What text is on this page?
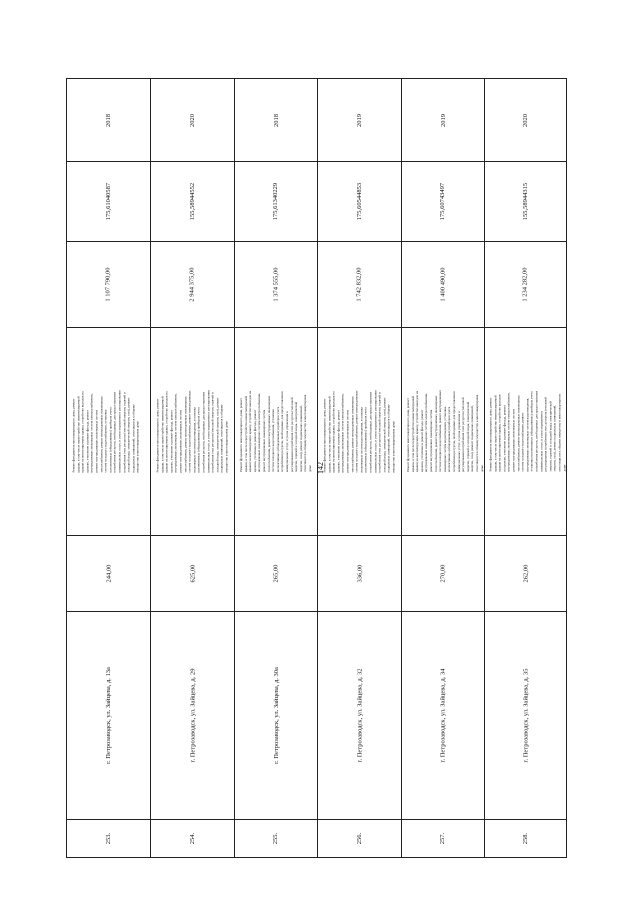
142
2018
175,61040587
1 107 790,00
Ремонт фундамента многоквартирного дома, ремонт крыши, в том числе переустройство невентилируемой крыши на вентилируемую крышу, устройство выходов на кровлю, утепление и ремонт фасада, ремонт внутридомовых инженерных систем электроснабжения, ремонт внутридомовых инженерных систем теплоснабжения, ремонт внутридомовых инженерных систем холодного водоснабжения, установка коллективных (общедомовых) приборов учета потребления ресурсов, необходимых для предоставления коммунальных услуг, и узлов управления и регулирования потребления этих ресурсов (тепловой энергии, горячей и холодной воды, электрической энергии, газа), ремонт подвальных помещений, относящихся к общему имуществу в многоквартирном доме
244,00
г. Петрозаводск, ул. Зайцева, д. 13а
253.
2020
155,58944552
2 944 375,00
Ремонт фундамента многоквартирного дома, ремонт крыши, в том числе переустройство невентилируемой крыши на вентилируемую крышу, устройство выходов на кровлю, утепление и ремонт фасада, ремонт внутридомовых инженерных систем электроснабжения, ремонт внутридомовых инженерных систем теплоснабжения, ремонт внутридомовых инженерных систем холодного водоснабжения, ремонт внутридомовых инженерных систем водоотведения, установка коллективных (общедомовых) приборов учета потребления ресурсов, необходимых для предоставления коммунальных услуг, и узлов управления и регулирования потребления этих ресурсов (тепловой энергии, горячей и холодной воды, электрической энергии, газа), ремонт подвальных помещений, относящихся к общему имуществу в многоквартирном доме
625,00
г. Петрозаводск, ул. Зайцева, д. 29
254.
2018
175,61340229
1 374 555,00
Ремонт фундамента многоквартирного дома, ремонт крыши, в том числе переустройство невентилируемой крыши на вентилируемую крышу, устройство выходов на кровлю, утепление и ремонт фасада, ремонт внутридомовых инженерных систем электроснабжения, ремонт внутридомовых инженерных систем теплоснабжения, ремонт внутридомовых инженерных систем холодного водоснабжения, установка коллективных (общедомовых) приборов учета потребления ресурсов, необходимых для предоставления коммунальных услуг, и узлов управления и регулирования потребления этих ресурсов (тепловой энергии, горячей и холодной воды, электрической энергии, газа), ремонт подвальных помещений, относящихся к общему имуществу в многоквартирном доме
265,00
г. Петрозаводск, ул. Зайцева, д. 30а
255.
2019
175,60544853
1 742 832,00
Ремонт фундамента многоквартирного дома, ремонт крыши, в том числе переустройство невентилируемой крыши на вентилируемую крышу, устройство выходов на кровлю, утепление и ремонт фасада, ремонт внутридомовых инженерных систем электроснабжения, ремонт внутридомовых инженерных систем теплоснабжения, ремонт внутридомовых инженерных систем холодного водоснабжения, ремонт внутридомовых инженерных систем водоотведения, установка коллективных (общедомовых) приборов учета потребления ресурсов, необходимых для предоставления коммунальных услуг, и узлов управления и регулирования потребления этих ресурсов (тепловой энергии, горячей и холодной воды, электрической энергии, газа), ремонт подвальных помещений, относящихся к общему имуществу в многоквартирном доме
336,00
г. Петрозаводск, ул. Зайцева, д. 32
256.
2019
175,60743497
1 400 490,00
Ремонт фундамента многоквартирного дома, ремонт крыши, в том числе переустройство невентилируемой крыши на вентилируемую крышу, устройство выходов на кровлю, утепление и ремонт фасада, ремонт внутридомовых инженерных систем электроснабжения, ремонт внутридомовых инженерных систем теплоснабжения, ремонт внутридомовых инженерных систем холодного водоснабжения, ремонт внутридомовых инженерных систем водоотведения, установка коллективных (общедомовых) приборов учета потребления ресурсов, необходимых для предоставления коммунальных услуг, и узлов управления и регулирования потребления этих ресурсов (тепловой энергии, горячей и холодной воды, электрической энергии, газа), ремонт подвальных помещений, относящихся к общему имуществу в многоквартирном доме
270,00
г. Петрозаводск, ул. Зайцева, д. 34
257.
2020
155,58944315
1 234 282,00
Ремонт фундамента многоквартирного дома, ремонт крыши, в том числе переустройство невентилируемой крыши на вентилируемую крышу, устройство выходов на кровлю, утепление и ремонт фасада, ремонт внутридомовых инженерных систем электроснабжения, ремонт внутридомовых инженерных систем теплоснабжения, ремонт внутридомовых инженерных систем холодного водоснабжения, ремонт внутридомовых инженерных систем водоотведения, установка коллективных (общедомовых) приборов учета потребления ресурсов, необходимых для предоставления коммунальных услуг, и узлов управления и регулирования потребления этих ресурсов (тепловой энергии, горячей и холодной воды, электрической энергии, газа), ремонт подвальных помещений, относящихся к общему имуществу в многоквартирном доме
262,00
г. Петрозаводск, ул. Зайцева, д. 35
258.
